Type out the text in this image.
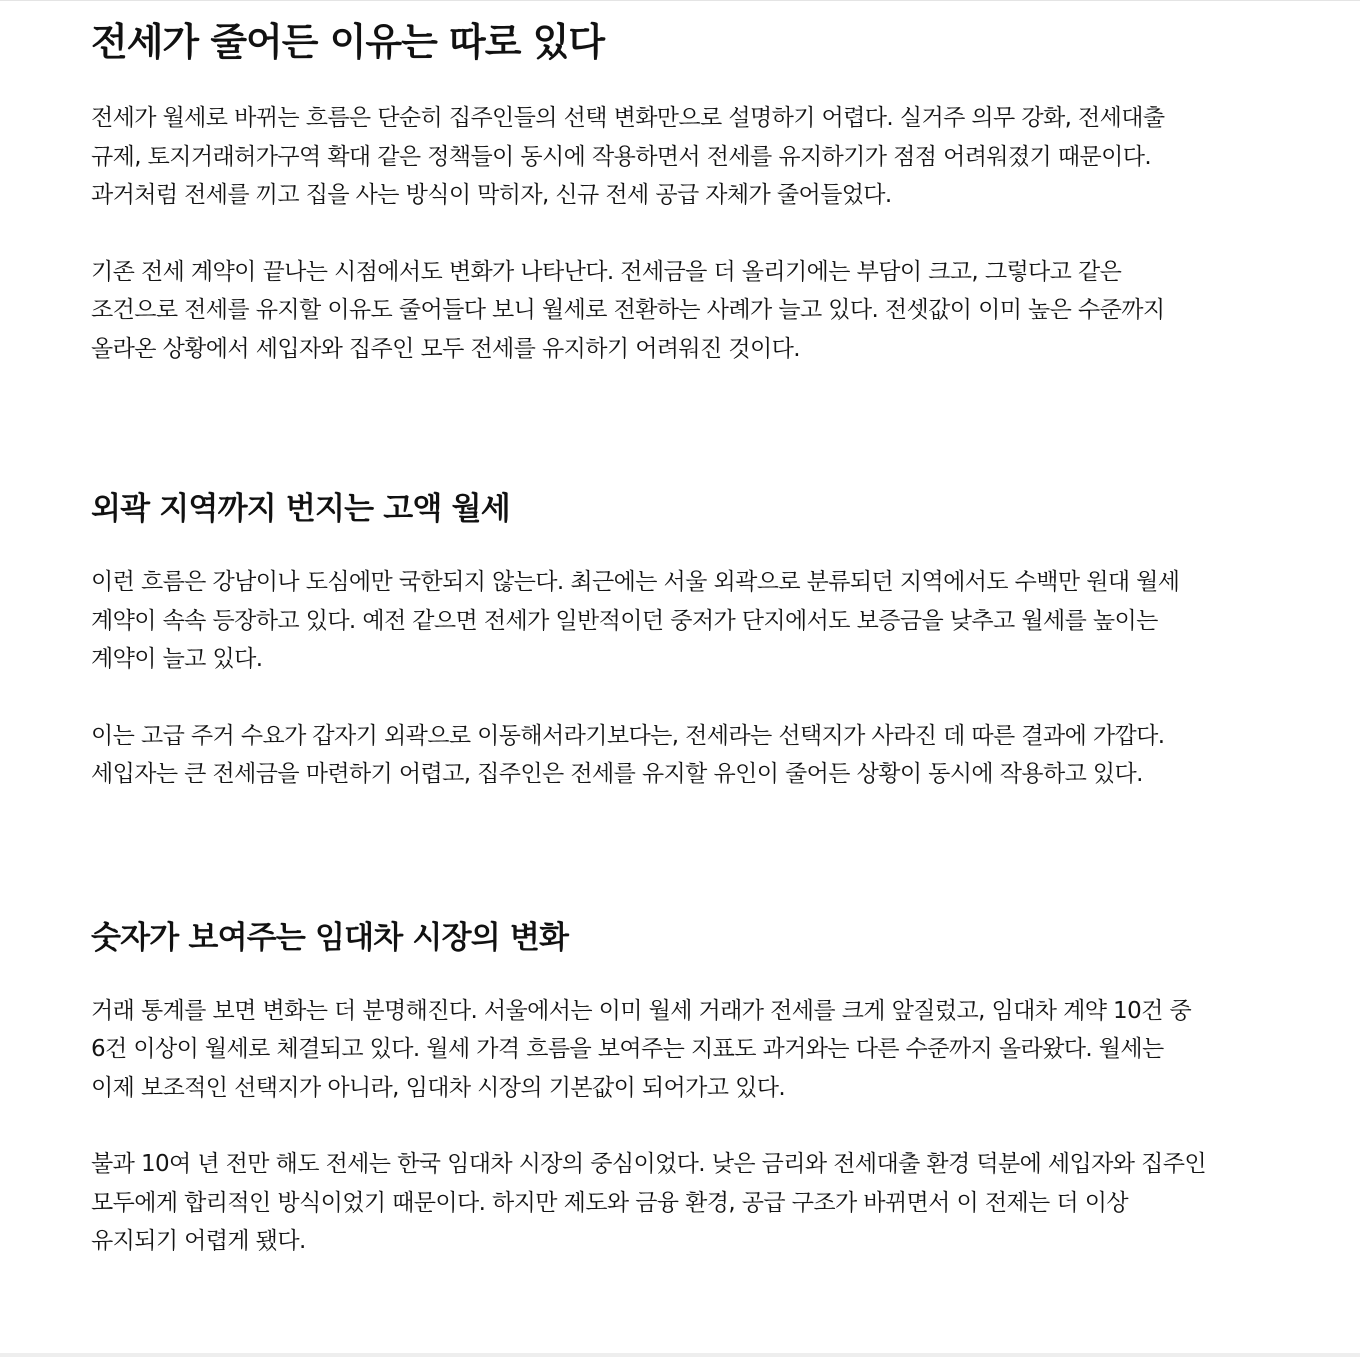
전세가 줄어든 이유는 따로 있다

전세가 월세로 바뀌는 흐름은 단순히 집주인들의 선택 변화만으로 설명하기 어렵다. 실거주 의무 강화, 전세대출 규제, 토지거래허가구역 확대 같은 정책들이 동시에 작용하면서 전세를 유지하기가 점점 어려워졌기 때문이다. 과거처럼 전세를 끼고 집을 사는 방식이 막히자, 신규 전세 공급 자체가 줄어들었다.

기존 전세 계약이 끝나는 시점에서도 변화가 나타난다. 전세금을 더 올리기에는 부담이 크고, 그렇다고 같은 조건으로 전세를 유지할 이유도 줄어들다 보니 월세로 전환하는 사례가 늘고 있다. 전셋값이 이미 높은 수준까지 올라온 상황에서 세입자와 집주인 모두 전세를 유지하기 어려워진 것이다.

외곽 지역까지 번지는 고액 월세

이런 흐름은 강남이나 도심에만 국한되지 않는다. 최근에는 서울 외곽으로 분류되던 지역에서도 수백만 원대 월세 계약이 속속 등장하고 있다. 예전 같으면 전세가 일반적이던 중저가 단지에서도 보증금을 낮추고 월세를 높이는 계약이 늘고 있다.

이는 고급 주거 수요가 갑자기 외곽으로 이동해서라기보다는, 전세라는 선택지가 사라진 데 따른 결과에 가깝다. 세입자는 큰 전세금을 마련하기 어렵고, 집주인은 전세를 유지할 유인이 줄어든 상황이 동시에 작용하고 있다.

숫자가 보여주는 임대차 시장의 변화

거래 통계를 보면 변화는 더 분명해진다. 서울에서는 이미 월세 거래가 전세를 크게 앞질렀고, 임대차 계약 10건 중 6건 이상이 월세로 체결되고 있다. 월세 가격 흐름을 보여주는 지표도 과거와는 다른 수준까지 올라왔다. 월세는 이제 보조적인 선택지가 아니라, 임대차 시장의 기본값이 되어가고 있다.

불과 10여 년 전만 해도 전세는 한국 임대차 시장의 중심이었다. 낮은 금리와 전세대출 환경 덕분에 세입자와 집주인 모두에게 합리적인 방식이었기 때문이다. 하지만 제도와 금융 환경, 공급 구조가 바뀌면서 이 전제는 더 이상 유지되기 어렵게 됐다.
